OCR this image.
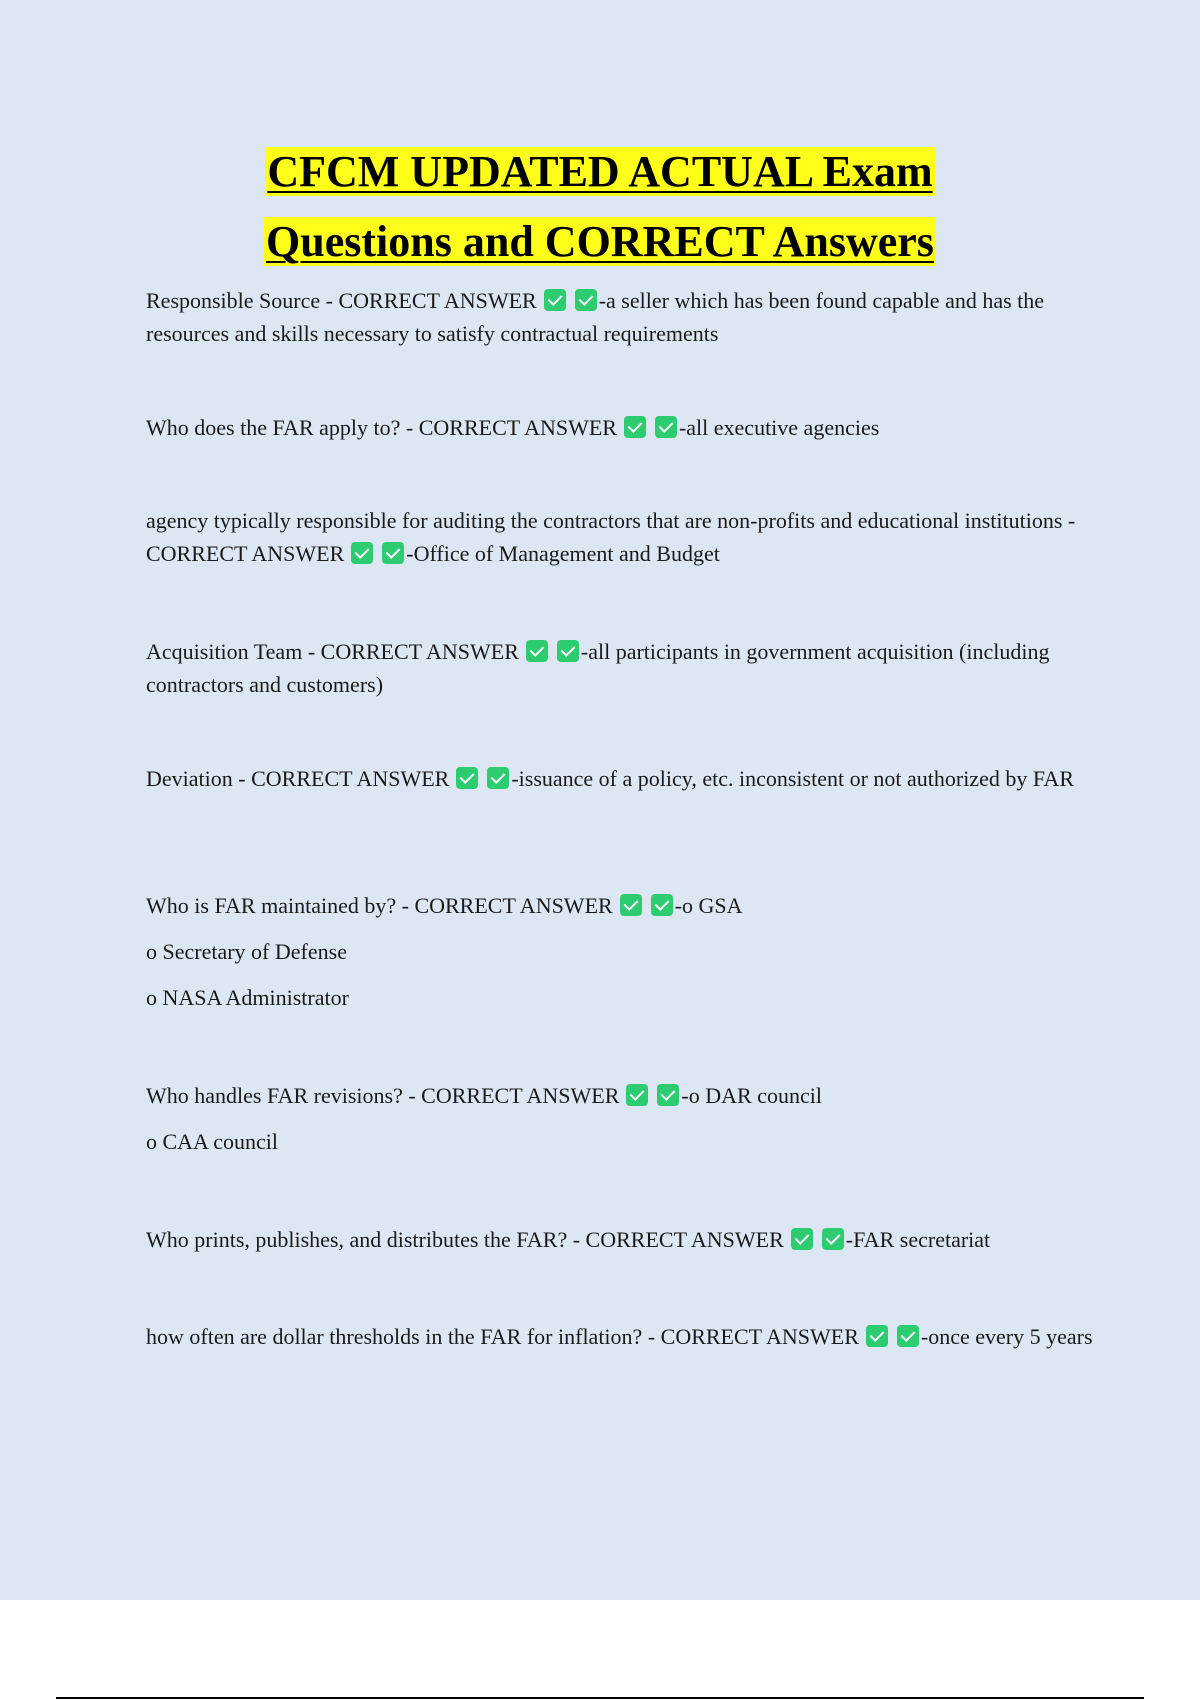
CFCM UPDATED ACTUAL Exam
Questions and CORRECT Answers

Responsible Source - CORRECT ANSWER	-a seller which has been found capable and has the resources and skills necessary to satisfy contractual requirements

Who does the FAR apply to? - CORRECT ANSWER	-all executive agencies

agency typically responsible for auditing the contractors that are non-profits and educational institutions - CORRECT ANSWER	-Office of Management and Budget

Acquisition Team - CORRECT ANSWER	-all participants in government acquisition (including contractors and customers)

Deviation - CORRECT ANSWER	-issuance of a policy, etc. inconsistent or not authorized by FAR

Who is FAR maintained by? - CORRECT ANSWER	-o GSA

o Secretary of Defense

o NASA Administrator

Who handles FAR revisions? - CORRECT ANSWER	-o DAR council

o CAA council

Who prints, publishes, and distributes the FAR? - CORRECT ANSWER	-FAR secretariat

how often are dollar thresholds in the FAR for inflation? - CORRECT ANSWER	-once every 5 years
